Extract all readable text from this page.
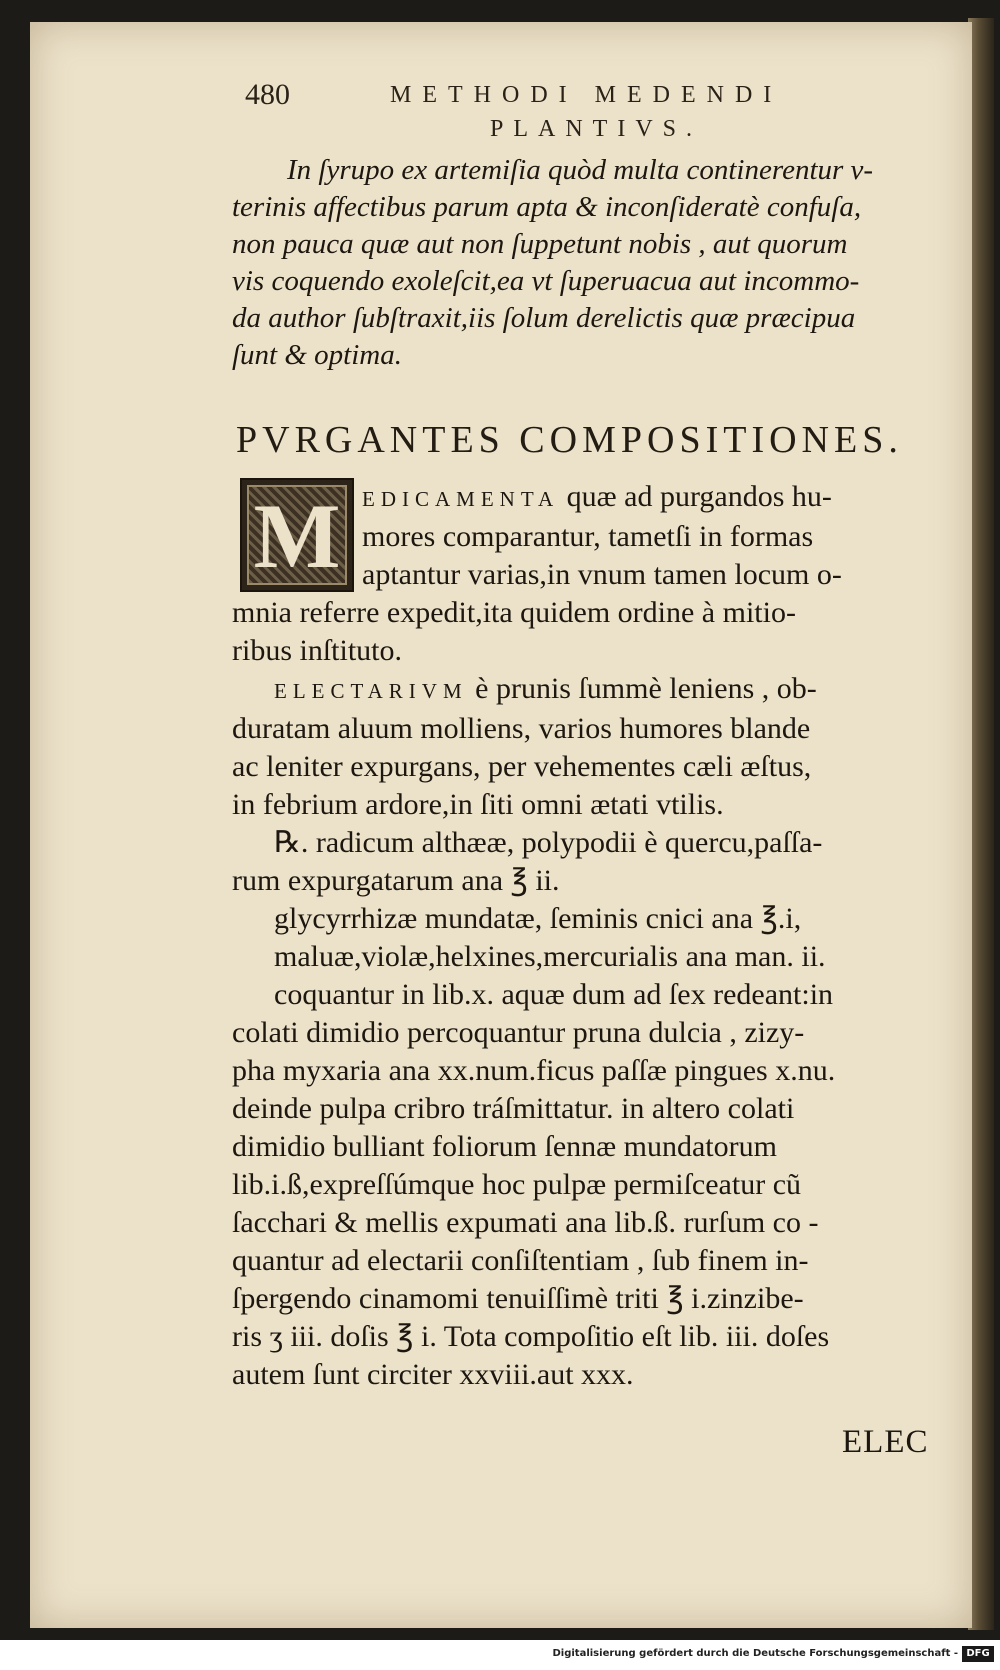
480	METHODI MEDENDI
PLANTIVS.
In ſyrupo ex artemiſia quòd multa continerentur v-
terinis affectibus parum apta & inconſideratè confuſa,
non pauca quæ aut non ſuppetunt nobis , aut quorum
vis coquendo exoleſcit,ea vt ſuperuacua aut incommo-
da author ſubſtraxit,iis ſolum derelictis quæ præcipua
ſunt & optima.
PVRGANTES COMPOSITIONES.
M	EDICAMENTA quæ ad purgandos hu-
mores comparantur, tametſi in formas
aptantur varias,in vnum tamen locum o-
mnia referre expedit,ita quidem ordine à mitio-
ribus inſtituto.
ELECTARIVM è prunis ſummè leniens , ob-
duratam aluum molliens, varios humores blande
ac leniter expurgans, per vehementes cæli æſtus,
in febrium ardore,in ſiti omni ætati vtilis.
℞. radicum althææ, polypodii è quercu,paſſa-
rum expurgatarum ana ℥ ii.
glycyrrhizæ mundatæ, ſeminis cnici ana ℥.i,
maluæ,violæ,helxines,mercurialis ana man. ii.
coquantur in lib.x. aquæ dum ad ſex redeant:in
colati dimidio percoquantur pruna dulcia , zizy-
pha myxaria ana xx.num.ficus paſſæ pingues x.nu.
deinde pulpa cribro tráſmittatur. in altero colati
dimidio bulliant foliorum ſennæ mundatorum
lib.i.ß,expreſſúmque hoc pulpæ permiſceatur cũ
ſacchari & mellis expumati ana lib.ß. rurſum co -
quantur ad electarii conſiſtentiam , ſub finem in-
ſpergendo cinamomi tenuiſſimè triti ℥ i.zinzibe-
ris ʒ iii. doſis ℥ i. Tota compoſitio eſt lib. iii. doſes
autem ſunt circiter xxviii.aut xxx.
ELEC
Digitalisierung gefördert durch die Deutsche Forschungsgemeinschaft - DFG
